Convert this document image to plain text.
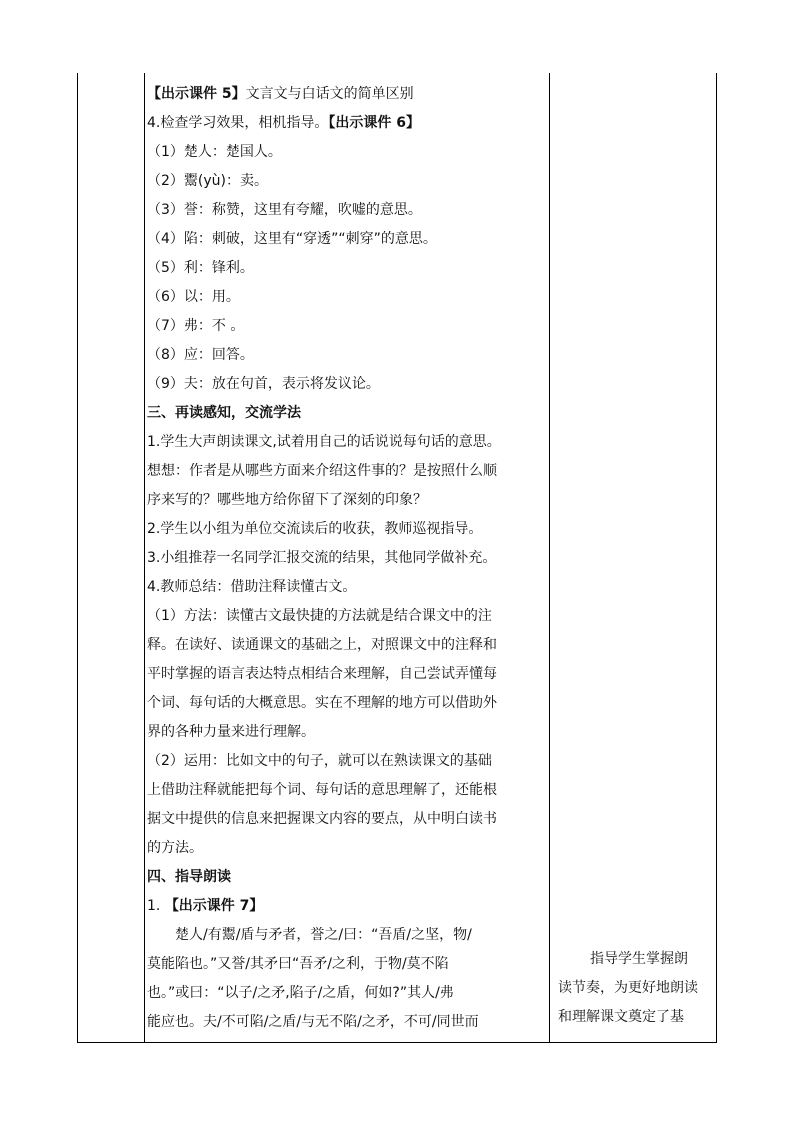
【出示课件 5】文言文与白话文的简单区别
4.检查学习效果，相机指导。【出示课件 6】
（1）楚人：楚国人。
（2）鬻(yù)：卖。
（3）誉：称赞，这里有夸耀，吹嘘的意思。
（4）陷：刺破，这里有“穿透”“刺穿”的意思。
（5）利：锋利。
（6）以：用。
（7）弗：不 。
（8）应：回答。
（9）夫：放在句首，表示将发议论。
三、再读感知，交流学法
1.学生大声朗读课文,试着用自己的话说说每句话的意思。
想想：作者是从哪些方面来介绍这件事的？是按照什么顺
序来写的？哪些地方给你留下了深刻的印象？
2.学生以小组为单位交流读后的收获，教师巡视指导。
3.小组推荐一名同学汇报交流的结果，其他同学做补充。
4.教师总结：借助注释读懂古文。
（1）方法：读懂古文最快捷的方法就是结合课文中的注
释。在读好、读通课文的基础之上，对照课文中的注释和
平时掌握的语言表达特点相结合来理解，自己尝试弄懂每
个词、每句话的大概意思。实在不理解的地方可以借助外
界的各种力量来进行理解。
（2）运用：比如文中的句子，就可以在熟读课文的基础
上借助注释就能把每个词、每句话的意思理解了，还能根
据文中提供的信息来把握课文内容的要点，从中明白读书
的方法。
四、指导朗读
1. 【出示课件 7】
楚人/有鬻/盾与矛者，誉之/曰：“吾盾/之坚，物/
莫能陷也。”又誉/其矛曰“吾矛/之利，于物/莫不陷
也。”或曰：“以子/之矛,陷子/之盾，何如?”其人/弗
能应也。夫/不可陷/之盾/与无不陷/之矛，不可/同世而
指导学生掌握朗
读节奏，为更好地朗读
和理解课文奠定了基
